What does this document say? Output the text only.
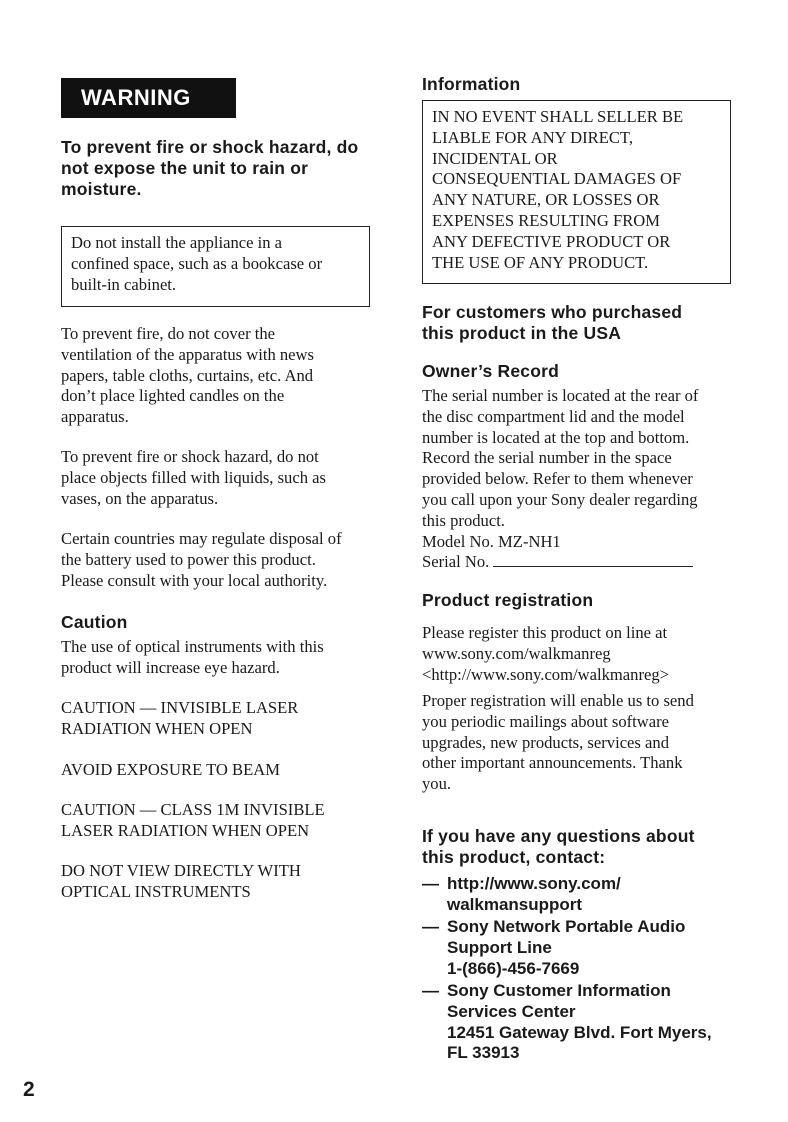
WARNING
To prevent fire or shock hazard, do
not expose the unit to rain or
moisture.
Do not install the appliance in a
confined space, such as a bookcase or
built-in cabinet.
To prevent fire, do not cover the
ventilation of the apparatus with news
papers, table cloths, curtains, etc. And
don’t place lighted candles on the
apparatus.
To prevent fire or shock hazard, do not
place objects filled with liquids, such as
vases, on the apparatus.
Certain countries may regulate disposal of
the battery used to power this product.
Please consult with your local authority.
Caution
The use of optical instruments with this
product will increase eye hazard.
CAUTION — INVISIBLE LASER
RADIATION WHEN OPEN
AVOID EXPOSURE TO BEAM
CAUTION — CLASS 1M INVISIBLE
LASER RADIATION WHEN OPEN
DO NOT VIEW DIRECTLY WITH
OPTICAL INSTRUMENTS
Information
IN NO EVENT SHALL SELLER BE
LIABLE FOR ANY DIRECT,
INCIDENTAL OR
CONSEQUENTIAL DAMAGES OF
ANY NATURE, OR LOSSES OR
EXPENSES RESULTING FROM
ANY DEFECTIVE PRODUCT OR
THE USE OF ANY PRODUCT.
For customers who purchased
this product in the USA
Owner’s Record
The serial number is located at the rear of
the disc compartment lid and the model
number is located at the top and bottom.
Record the serial number in the space
provided below. Refer to them whenever
you call upon your Sony dealer regarding
this product.
Model No. MZ-NH1
Serial No.
Product registration
Please register this product on line at
www.sony.com/walkmanreg
<http://www.sony.com/walkmanreg>
Proper registration will enable us to send
you periodic mailings about software
upgrades, new products, services and
other important announcements. Thank
you.
If you have any questions about
this product, contact:
— http://www.sony.com/
walkmansupport
— Sony Network Portable Audio
Support Line
1-(866)-456-7669
— Sony Customer Information
Services Center
12451 Gateway Blvd. Fort Myers,
FL 33913
2
